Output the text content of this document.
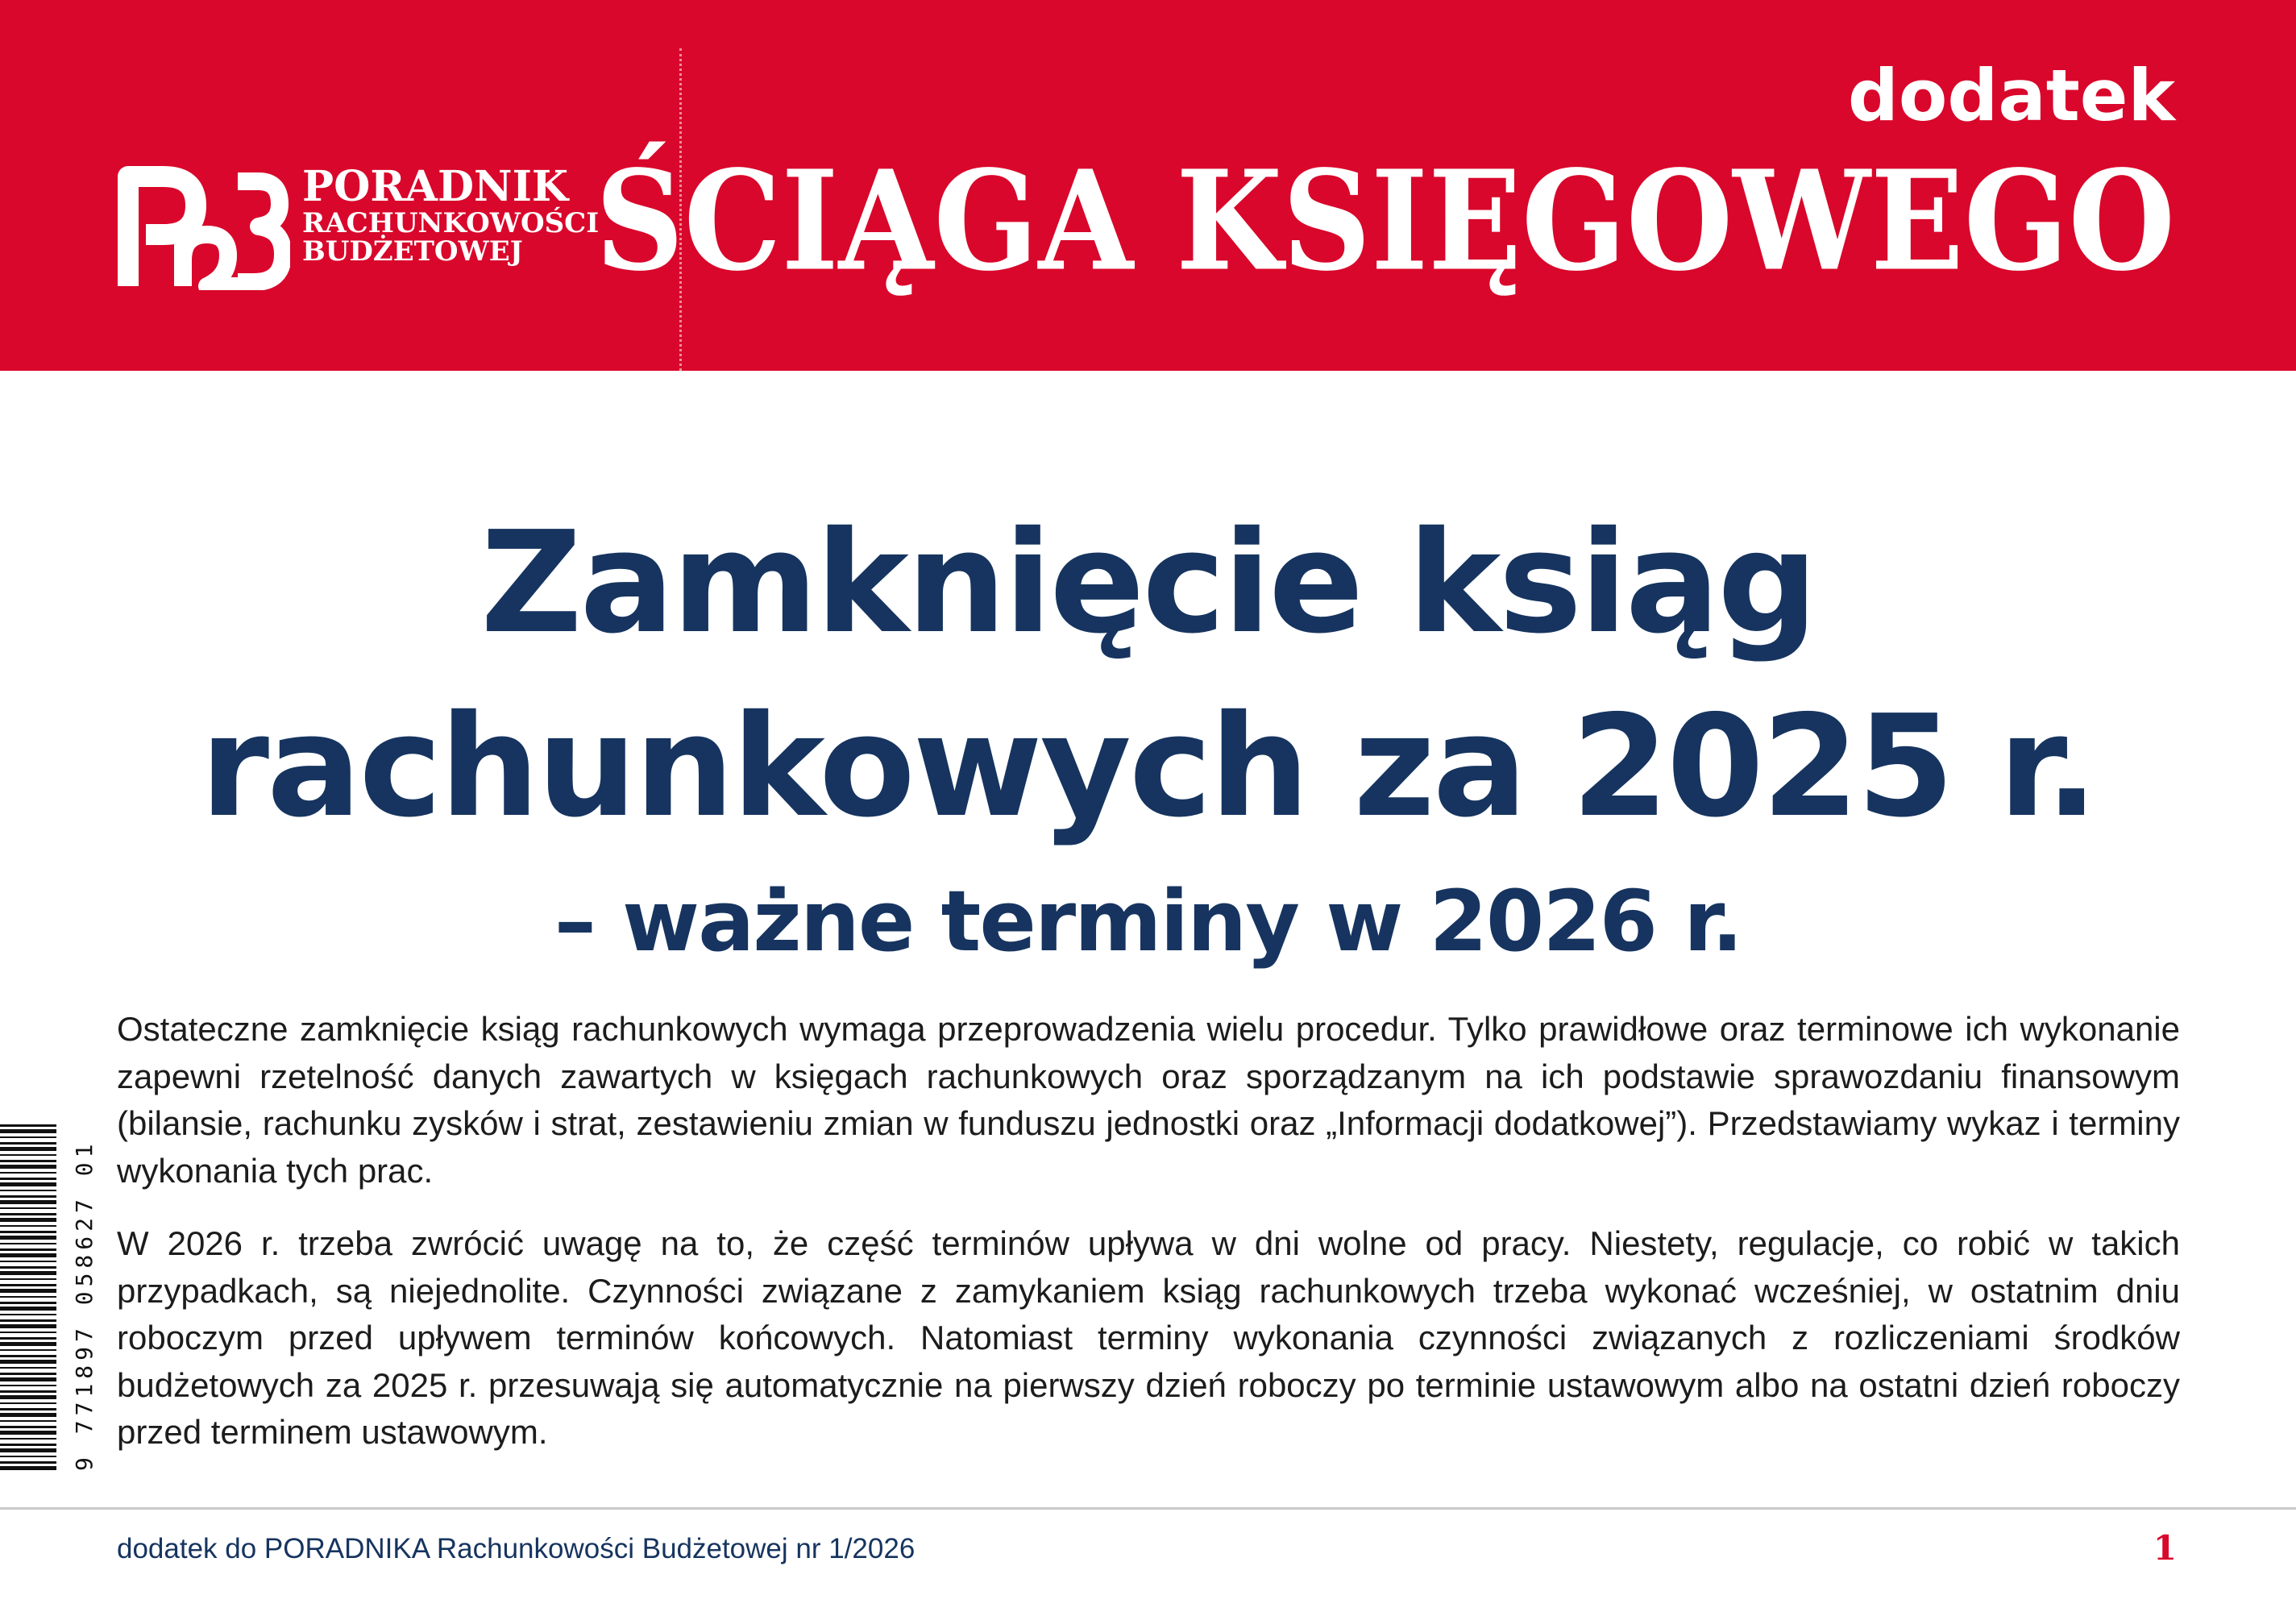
PORADNIK
RACHUNKOWOŚCI
BUDŻETOWEJ
dodatek
ŚCIĄGA KSIĘGOWEGO
Zamknięcie ksiąg
rachunkowych za 2025 r.
– ważne terminy w 2026 r.
9 771897 058627 01

Ostateczne zamknięcie ksiąg rachunkowych wymaga przeprowadzenia wielu procedur. Tylko prawidłowe oraz terminowe ich wykonanie zapewni rzetelność danych zawartych w księgach rachunkowych oraz sporządzanym na ich podstawie sprawozdaniu finansowym (bilansie, rachunku zysków i strat, zestawieniu zmian w funduszu jednostki oraz „Informacji dodatkowej”). Przedstawiamy wykaz i terminy wykonania tych prac.

W 2026 r. trzeba zwrócić uwagę na to, że część terminów upływa w dni wolne od pracy. Niestety, regulacje, co robić w takich przypadkach, są niejednolite. Czynności związane z zamykaniem ksiąg rachunkowych trzeba wykonać wcześniej, w ostatnim dniu roboczym przed upływem terminów końcowych. Natomiast terminy wykonania czynności związanych z rozliczeniami środków budżetowych za 2025 r. przesuwają się automatycznie na pierwszy dzień roboczy po terminie ustawowym albo na ostatni dzień roboczy przed terminem ustawowym.

dodatek do PORADNIKA Rachunkowości Budżetowej nr 1/2026	1
